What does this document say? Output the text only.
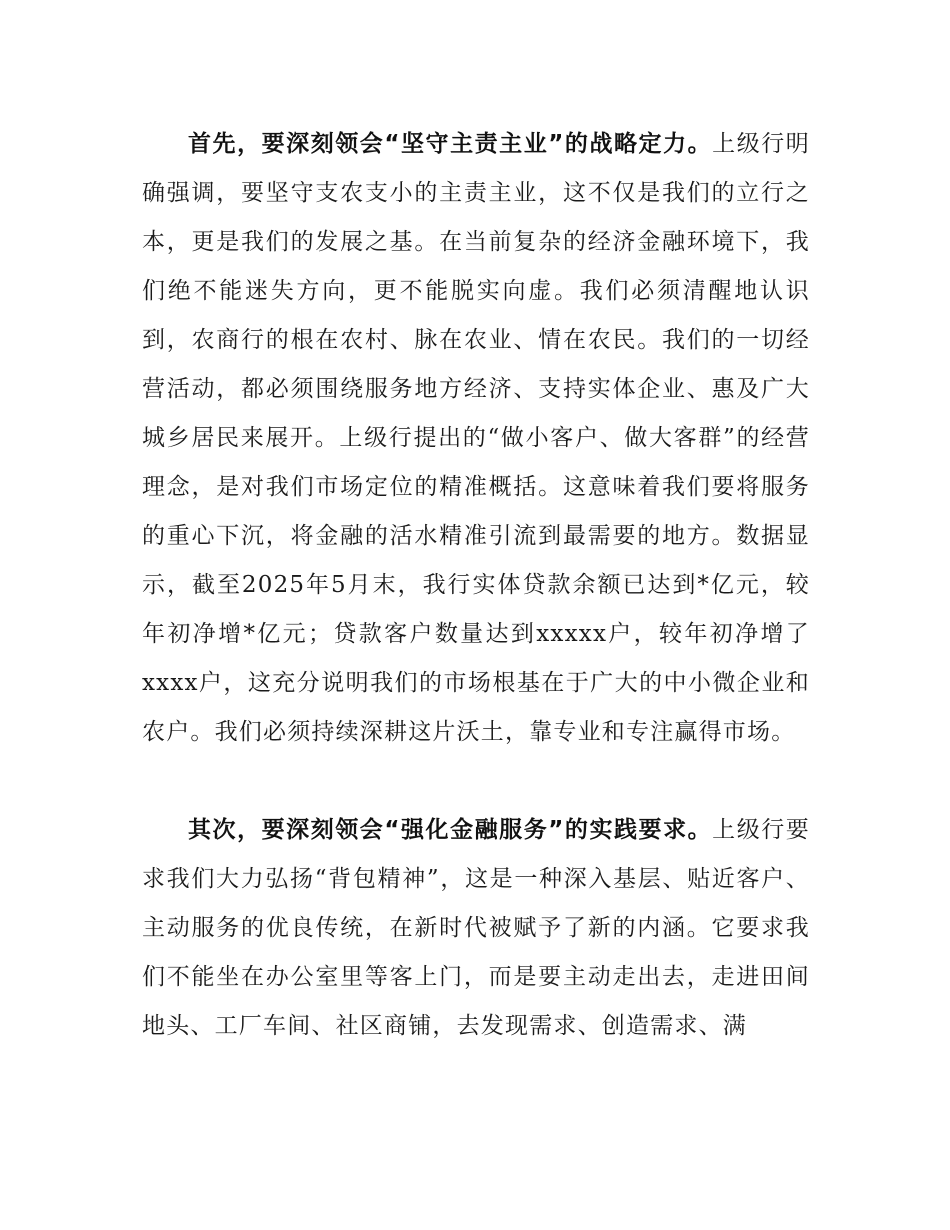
首先，要深刻领会“坚守主责主业”的战略定力。上级行明确强调，要坚守支农支小的主责主业，这不仅是我们的立行之本，更是我们的发展之基。在当前复杂的经济金融环境下，我们绝不能迷失方向，更不能脱实向虚。我们必须清醒地认识到，农商行的根在农村、脉在农业、情在农民。我们的一切经营活动，都必须围绕服务地方经济、支持实体企业、惠及广大城乡居民来展开。上级行提出的“做小客户、做大客群”的经营理念，是对我们市场定位的精准概括。这意味着我们要将服务的重心下沉，将金融的活水精准引流到最需要的地方。数据显示，截至2025年5月末，我行实体贷款余额已达到*亿元，较年初净增*亿元；贷款客户数量达到xxxxx户，较年初净增了xxxx户，这充分说明我们的市场根基在于广大的中小微企业和农户。我们必须持续深耕这片沃土，靠专业和专注赢得市场。

其次，要深刻领会“强化金融服务”的实践要求。上级行要求我们大力弘扬“背包精神”，这是一种深入基层、贴近客户、主动服务的优良传统，在新时代被赋予了新的内涵。它要求我们不能坐在办公室里等客上门，而是要主动走出去，走进田间地头、工厂车间、社区商铺，去发现需求、创造需求、满
